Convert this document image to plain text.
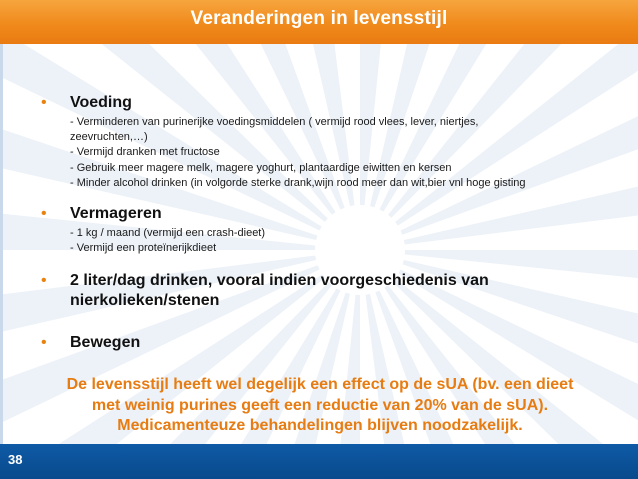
Veranderingen in levensstijl
•	Voeding
- Verminderen van purinerijke voedingsmiddelen ( vermijd rood vlees, lever, niertjes,
zeevruchten,…)
- Vermijd dranken met fructose
- Gebruik meer magere melk, magere yoghurt, plantaardige eiwitten en kersen
- Minder alcohol drinken (in volgorde sterke drank,wijn rood meer dan wit,bier vnl hoge gisting
•	Vermageren
- 1 kg / maand (vermijd een crash-dieet)
- Vermijd een proteïnerijkdieet
•	2 liter/dag drinken, vooral indien voorgeschiedenis van
nierkolieken/stenen
•	Bewegen
De levensstijl heeft wel degelijk een effect op de sUA (bv. een dieet
met weinig purines geeft een reductie van 20% van de sUA).
Medicamenteuze behandelingen blijven noodzakelijk.
38
